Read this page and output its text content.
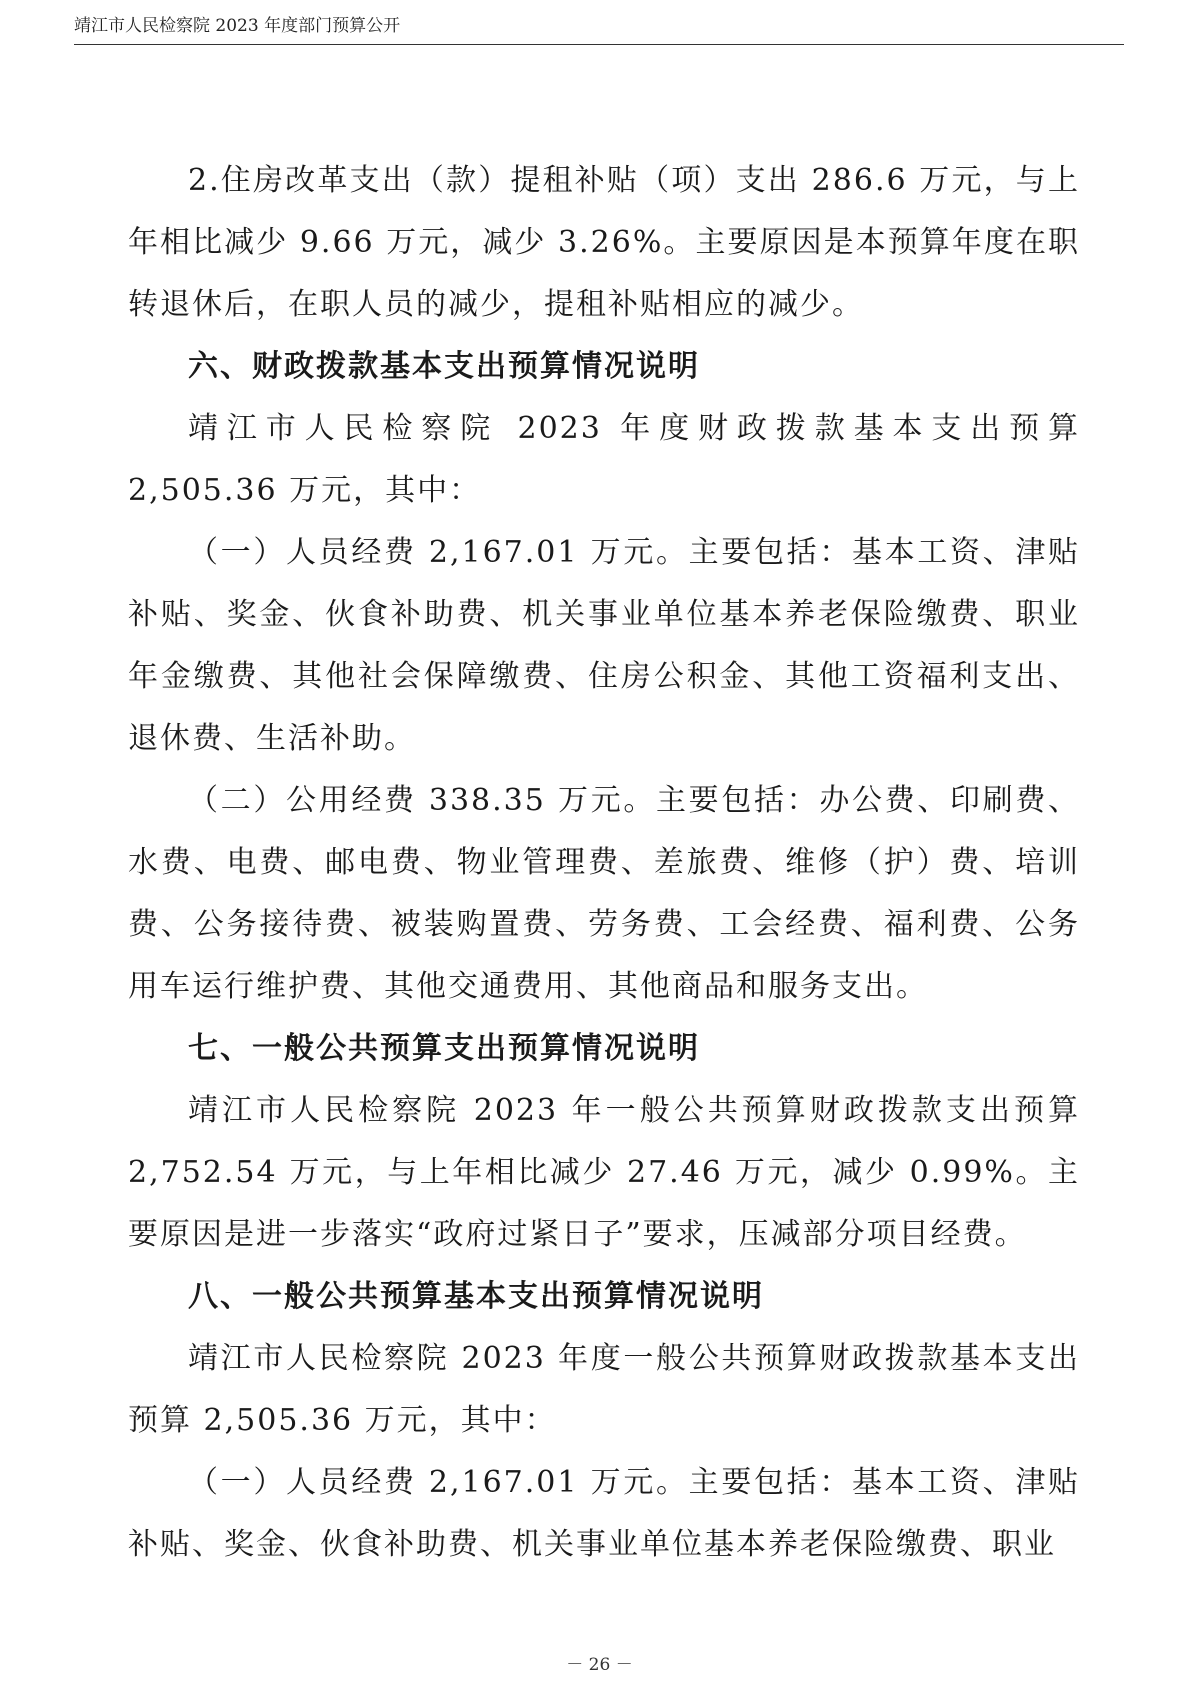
靖江市人民检察院 2023 年度部门预算公开

2.住房改革支出（款）提租补贴（项）支出 286.6 万元，与上年相比减少 9.66 万元，减少 3.26%。主要原因是本预算年度在职转退休后，在职人员的减少，提租补贴相应的减少。

六、财政拨款基本支出预算情况说明

靖江市人民检察院 2023 年度财政拨款基本支出预算 2,505.36 万元，其中：

（一）人员经费 2,167.01 万元。主要包括：基本工资、津贴补贴、奖金、伙食补助费、机关事业单位基本养老保险缴费、职业年金缴费、其他社会保障缴费、住房公积金、其他工资福利支出、退休费、生活补助。

（二）公用经费 338.35 万元。主要包括：办公费、印刷费、水费、电费、邮电费、物业管理费、差旅费、维修（护）费、培训费、公务接待费、被装购置费、劳务费、工会经费、福利费、公务用车运行维护费、其他交通费用、其他商品和服务支出。

七、一般公共预算支出预算情况说明

靖江市人民检察院 2023 年一般公共预算财政拨款支出预算 2,752.54 万元，与上年相比减少 27.46 万元，减少 0.99%。主要原因是进一步落实“政府过紧日子”要求，压减部分项目经费。

八、一般公共预算基本支出预算情况说明

靖江市人民检察院 2023 年度一般公共预算财政拨款基本支出预算 2,505.36 万元，其中：

（一）人员经费 2,167.01 万元。主要包括：基本工资、津贴补贴、奖金、伙食补助费、机关事业单位基本养老保险缴费、职业

－ 26 －
